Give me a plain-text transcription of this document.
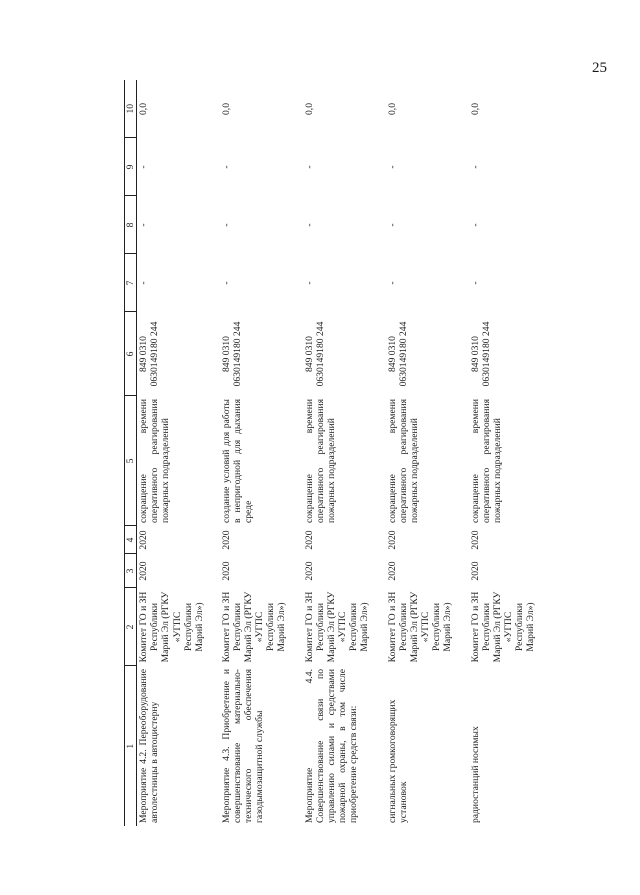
25
1	2	3	4	5	6	7	8	9	10
Мероприятие 4.2. Переоборудование автолестницы в автоцистерну	Комитет ГО и ЗН Республики Марий Эл (РГКУ «УГПС Республики Марий Эл»)	2020	2020	сокращение времени оперативного реагирования пожарных подразделений	849 0310 0630149180 244	-	-	-	0,0
Мероприятие 4.3. Приобретение и совершенствование материально-технического обеспечения газодымозащитной службы	Комитет ГО и ЗН Республики Марий Эл (РГКУ «УГПС Республики Марий Эл»)	2020	2020	создание условий для работы в непригодной для дыхания среде	849 0310 0630149180 244	-	-	-	0,0
Мероприятие 4.4. Совершенствование связи по управлению силами и средствами пожарной охраны, в том числе приобретение средств связи:	Комитет ГО и ЗН Республики Марий Эл (РГКУ «УГПС Республики Марий Эл»)	2020	2020	сокращение времени оперативного реагирования пожарных подразделений	849 0310 0630149180 244	-	-	-	0,0

сигнальных громкоговорящих установок	Комитет ГО и ЗН Республики Марий Эл (РГКУ «УГПС Республики Марий Эл»)	2020	2020	сокращение времени оперативного реагирования пожарных подразделений	849 0310 0630149180 244	-	-	-	0,0
радиостанций носимых	Комитет ГО и ЗН Республики Марий Эл (РГКУ «УГПС Республики Марий Эл»)	2020	2020	сокращение времени оперативного реагирования пожарных подразделений	849 0310 0630149180 244	-	-	-	0,0
